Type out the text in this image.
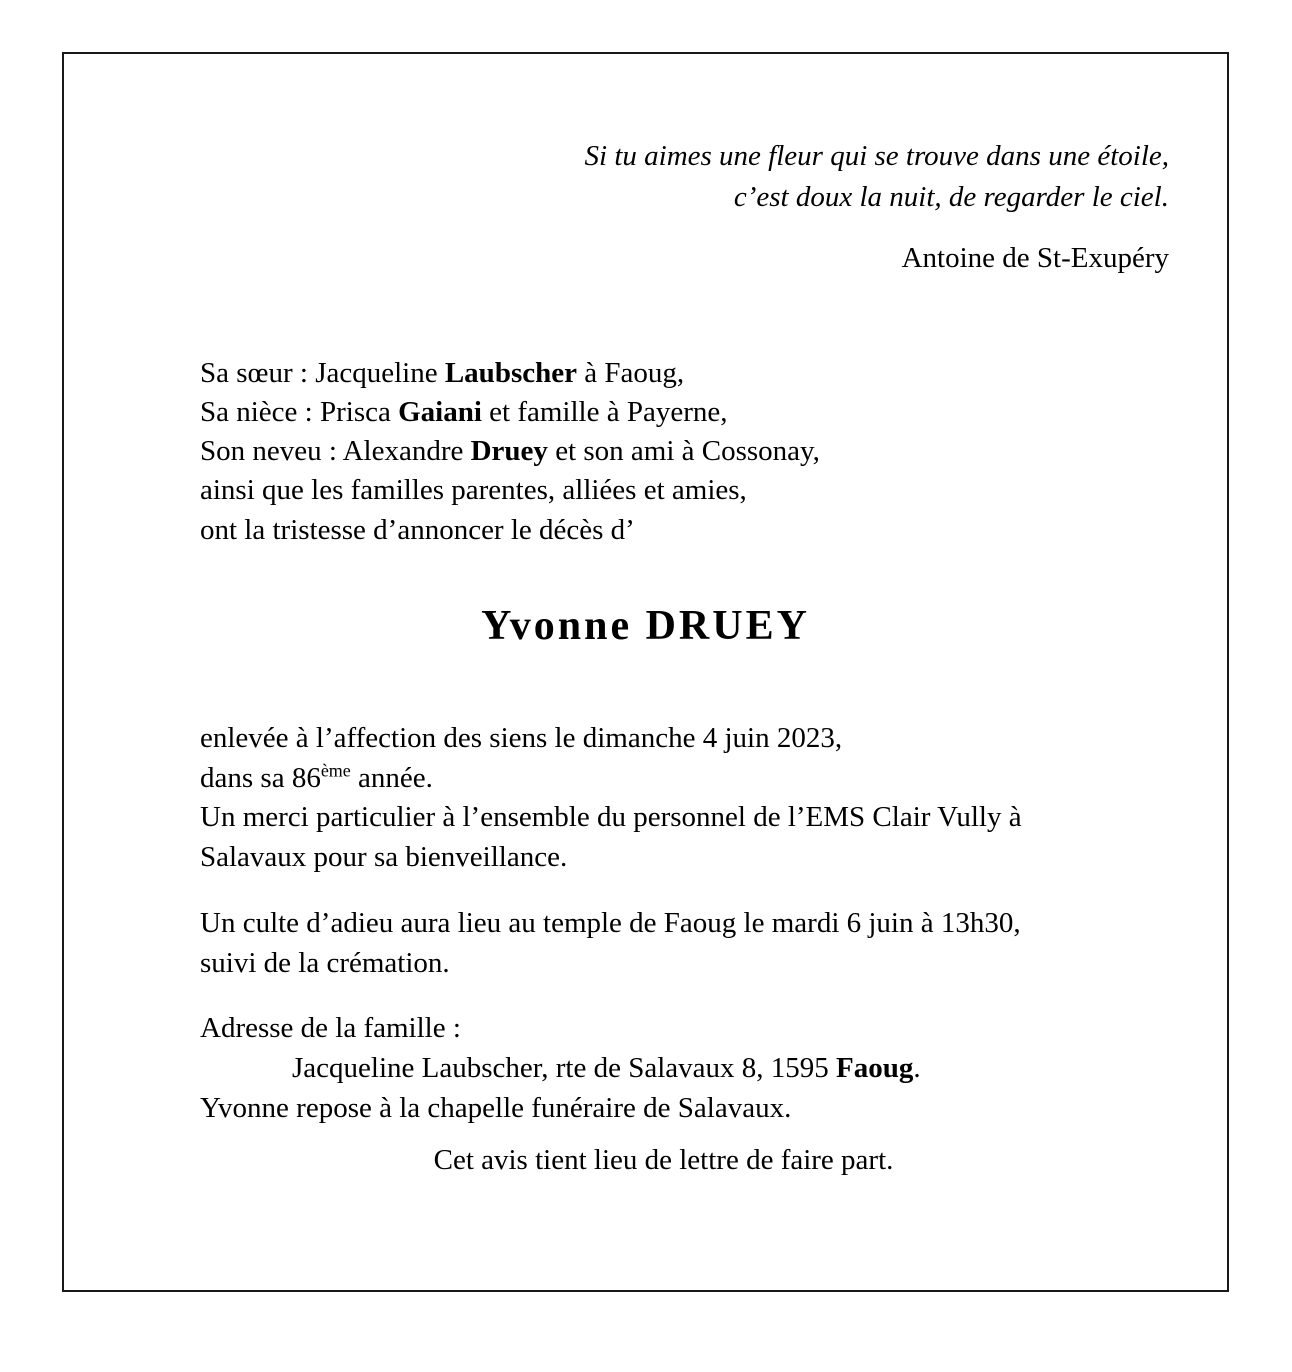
Si tu aimes une fleur qui se trouve dans une étoile,
c’est doux la nuit, de regarder le ciel.
Antoine de St-Exupéry
Sa sœur : Jacqueline Laubscher à Faoug,
Sa nièce : Prisca Gaiani et famille à Payerne,
Son neveu : Alexandre Druey et son ami à Cossonay,
ainsi que les familles parentes, alliées et amies,
ont la tristesse d’annoncer le décès d’
Yvonne DRUEY
enlevée à l’affection des siens le dimanche 4 juin 2023,
dans sa 86ème année.
Un merci particulier à l’ensemble du personnel de l’EMS Clair Vully à
Salavaux pour sa bienveillance.
Un culte d’adieu aura lieu au temple de Faoug le mardi 6 juin à 13h30,
suivi de la crémation.
Adresse de la famille :
Jacqueline Laubscher, rte de Salavaux 8, 1595 Faoug.
Yvonne repose à la chapelle funéraire de Salavaux.
Cet avis tient lieu de lettre de faire part.
